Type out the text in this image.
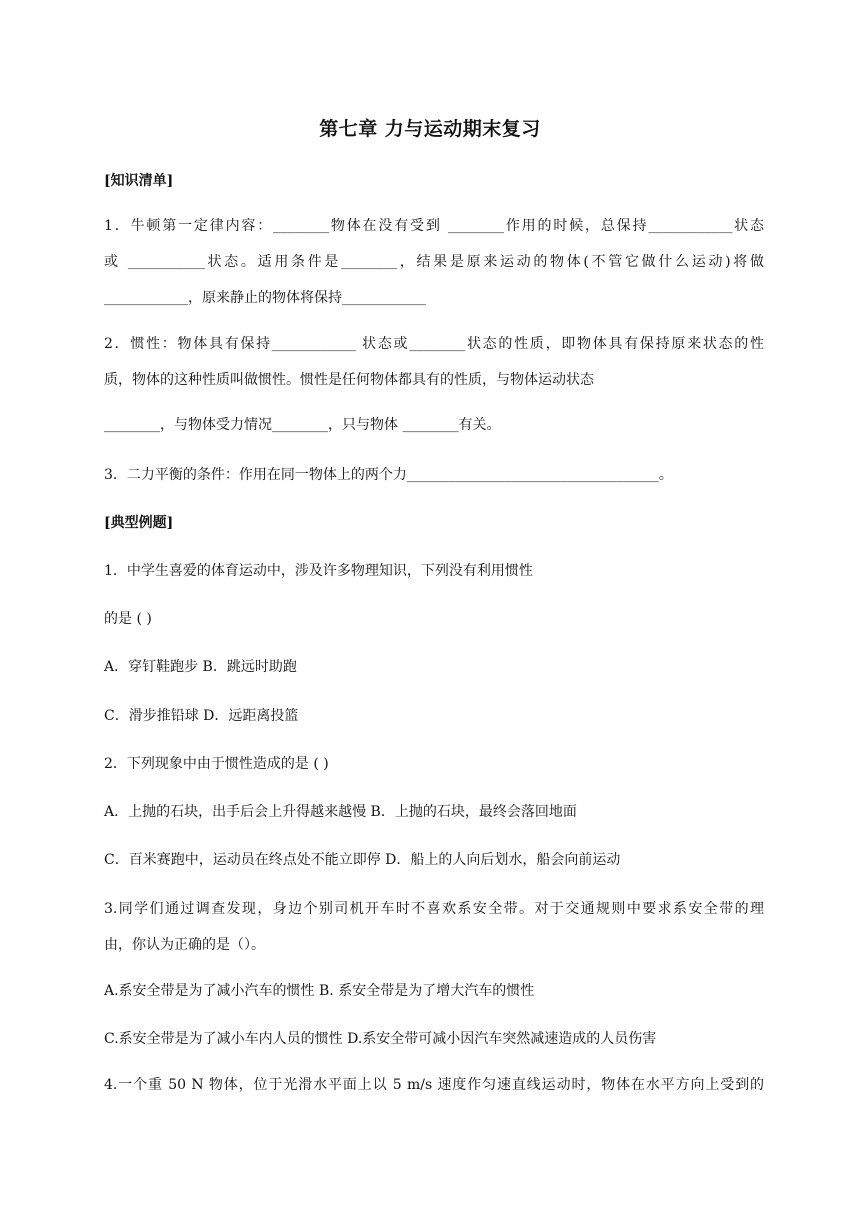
第七章 力与运动期末复习
[知识清单]
1．牛顿第一定律内容：________物体在没有受到 ________作用的时候，总保持____________状态
或 ___________状态。适用条件是________，结果是原来运动的物体(不管它做什么运动)将做
____________，原来静止的物体将保持____________
2．惯性：物体具有保持____________ 状态或________状态的性质，即物体具有保持原来状态的性
质，物体的这种性质叫做惯性。惯性是任何物体都具有的性质，与物体运动状态
________，与物体受力情况________，只与物体 ________有关。
3．二力平衡的条件：作用在同一物体上的两个力____________________________________。
[典型例题]
1．中学生喜爱的体育运动中，涉及许多物理知识，下列没有利用惯性
的是 ( )
A．穿钉鞋跑步 B．跳远时助跑
C．滑步推铅球 D．远距离投篮
2．下列现象中由于惯性造成的是 ( )
A．上抛的石块，出手后会上升得越来越慢 B．上抛的石块，最终会落回地面
C．百米赛跑中，运动员在终点处不能立即停 D．船上的人向后划水，船会向前运动
3.同学们通过调查发现，身边个别司机开车时不喜欢系安全带。对于交通规则中要求系安全带的理
由，你认为正确的是（）。
A.系安全带是为了减小汽车的惯性 B. 系安全带是为了增大汽车的惯性
C.系安全带是为了减小车内人员的惯性 D.系安全带可减小因汽车突然减速造成的人员伤害
4.一个重 50 N 物体，位于光滑水平面上以 5 m/s 速度作匀速直线运动时，物体在水平方向上受到的
